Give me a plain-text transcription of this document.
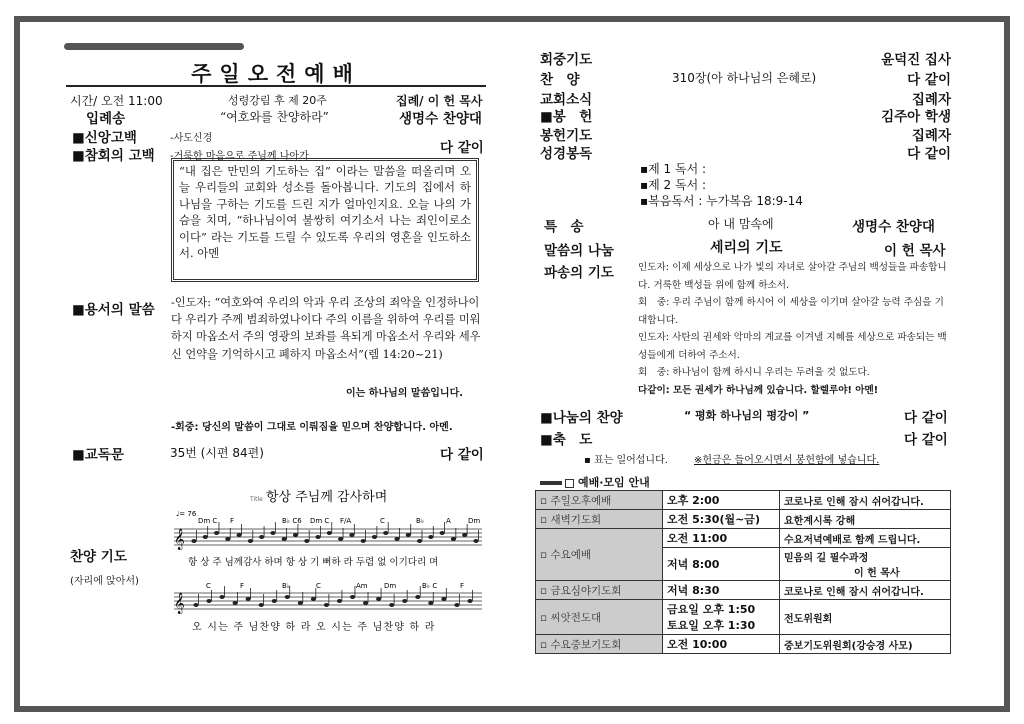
주일오전예배
시간/ 오전 11:00	성령강림 후 제 20주	집례/ 이 헌 목사
입례송	“여호와를 찬양하라”	생명수 찬양대
■신앙고백	-사도신경
■참회의 고백 -거룩한 마음으로 주님께 나아가
다 같이
“내 집은 만민의 기도하는 집” 이라는 말씀을 떠올리며 오늘 우리들의 교회와 성소를 돌아봅니다. 기도의 집에서 하나님을 구하는 기도를 드린 지가 얼마인지요. 오늘 나의 가슴을 치며, “하나님이여 불쌍히 여기소서 나는 죄인이로소이다” 라는 기도를 드릴 수 있도록 우리의 영혼을 인도하소서. 아멘
■용서의 말씀 -인도자: “여호와여 우리의 악과 우리 조상의 죄악을 인정하나이다 우리가 주께 범죄하였나이다 주의 이름을 위하여 우리를 미워하지 마옵소서 주의 영광의 보좌를 욕되게 마옵소서 우리와 세우신 언약을 기억하시고 폐하지 마옵소서”(렘 14:20~21)
이는 하나님의 말씀입니다.
-회중: 당신의 말씀이 그대로 이뤄짐을 믿으며 찬양합니다. 아멘.
■교독문	35번 (시편 84편)	다 같이
찬양 기도
(자리에 앉아서)
Title 항상 주님께 감사하며
♩= 76
Dm C F	B♭ C6 Dm C F/A	C	B♭	A Dm
𝄞
𝄞
C	F	B♭	C	Am Dm	B♭ C	F
항 상 주 님께감사 하며 항 상 기 뻐하 라 두렴 없 이기다리 며
오 시는 주 님찬양 하 라 오 시는 주 님찬양 하 라
회중기도	윤덕진 집사
찬　양	310장(아 하나님의 은혜로)	다 같이
교회소식	집례자
■봉　헌	김주아 학생
봉헌기도	집례자
성경봉독	다 같이
▪제 1 독서 :
▪제 2 독서 :
▪복음독서 : 누가복음 18:9-14
특　송	아 내 맘속에	생명수 찬양대
말씀의 나눔	세리의 기도	이 헌 목사
파송의 기도	인도자: 이제 세상으로 나가 빛의 자녀로 살아갈 주님의 백성들을 파송합니다. 거룩한 백성들 위에 함께 하소서.
회　중: 우리 주님이 함께 하시어 이 세상을 이기며 살아갈 능력 주심을 기대합니다.
인도자: 사탄의 권세와 악마의 계교를 이겨낼 지혜를 세상으로 파송되는 백성들에게 더하여 주소서.
회　중: 하나님이 함께 하시니 우리는 두려울 것 없도다.
다같이: 모든 권세가 하나님께 있습니다. 할렐루야! 아멘!
■나눔의 찬양	“ 평화 하나님의 평강이 ”	다 같이
■축　도	다 같이
▪ 표는 일어섭니다.	※헌금은 들어오시면서 봉헌함에 넣습니다.
예배·모임 안내
▫ 주일오후예배	오후 2:00	코로나로 인해 잠시 쉬어갑니다.

▫ 새벽기도회	오전 5:30(월~금)	요한계시록 강해

▫ 수요예배	오전 11:00	수요저녁예배로 함께 드립니다.

	저녁 8:00	믿음의 길 필수과정
이 헌 목사

▫ 금요심야기도회	저녁 8:30	코로나로 인해 잠시 쉬어갑니다.

▫ 씨앗전도대	금요일 오후 1:50
토요일 오후 1:30	전도위원회

▫ 수요중보기도회	오전 10:00	중보기도위원회(강승경 사모)
